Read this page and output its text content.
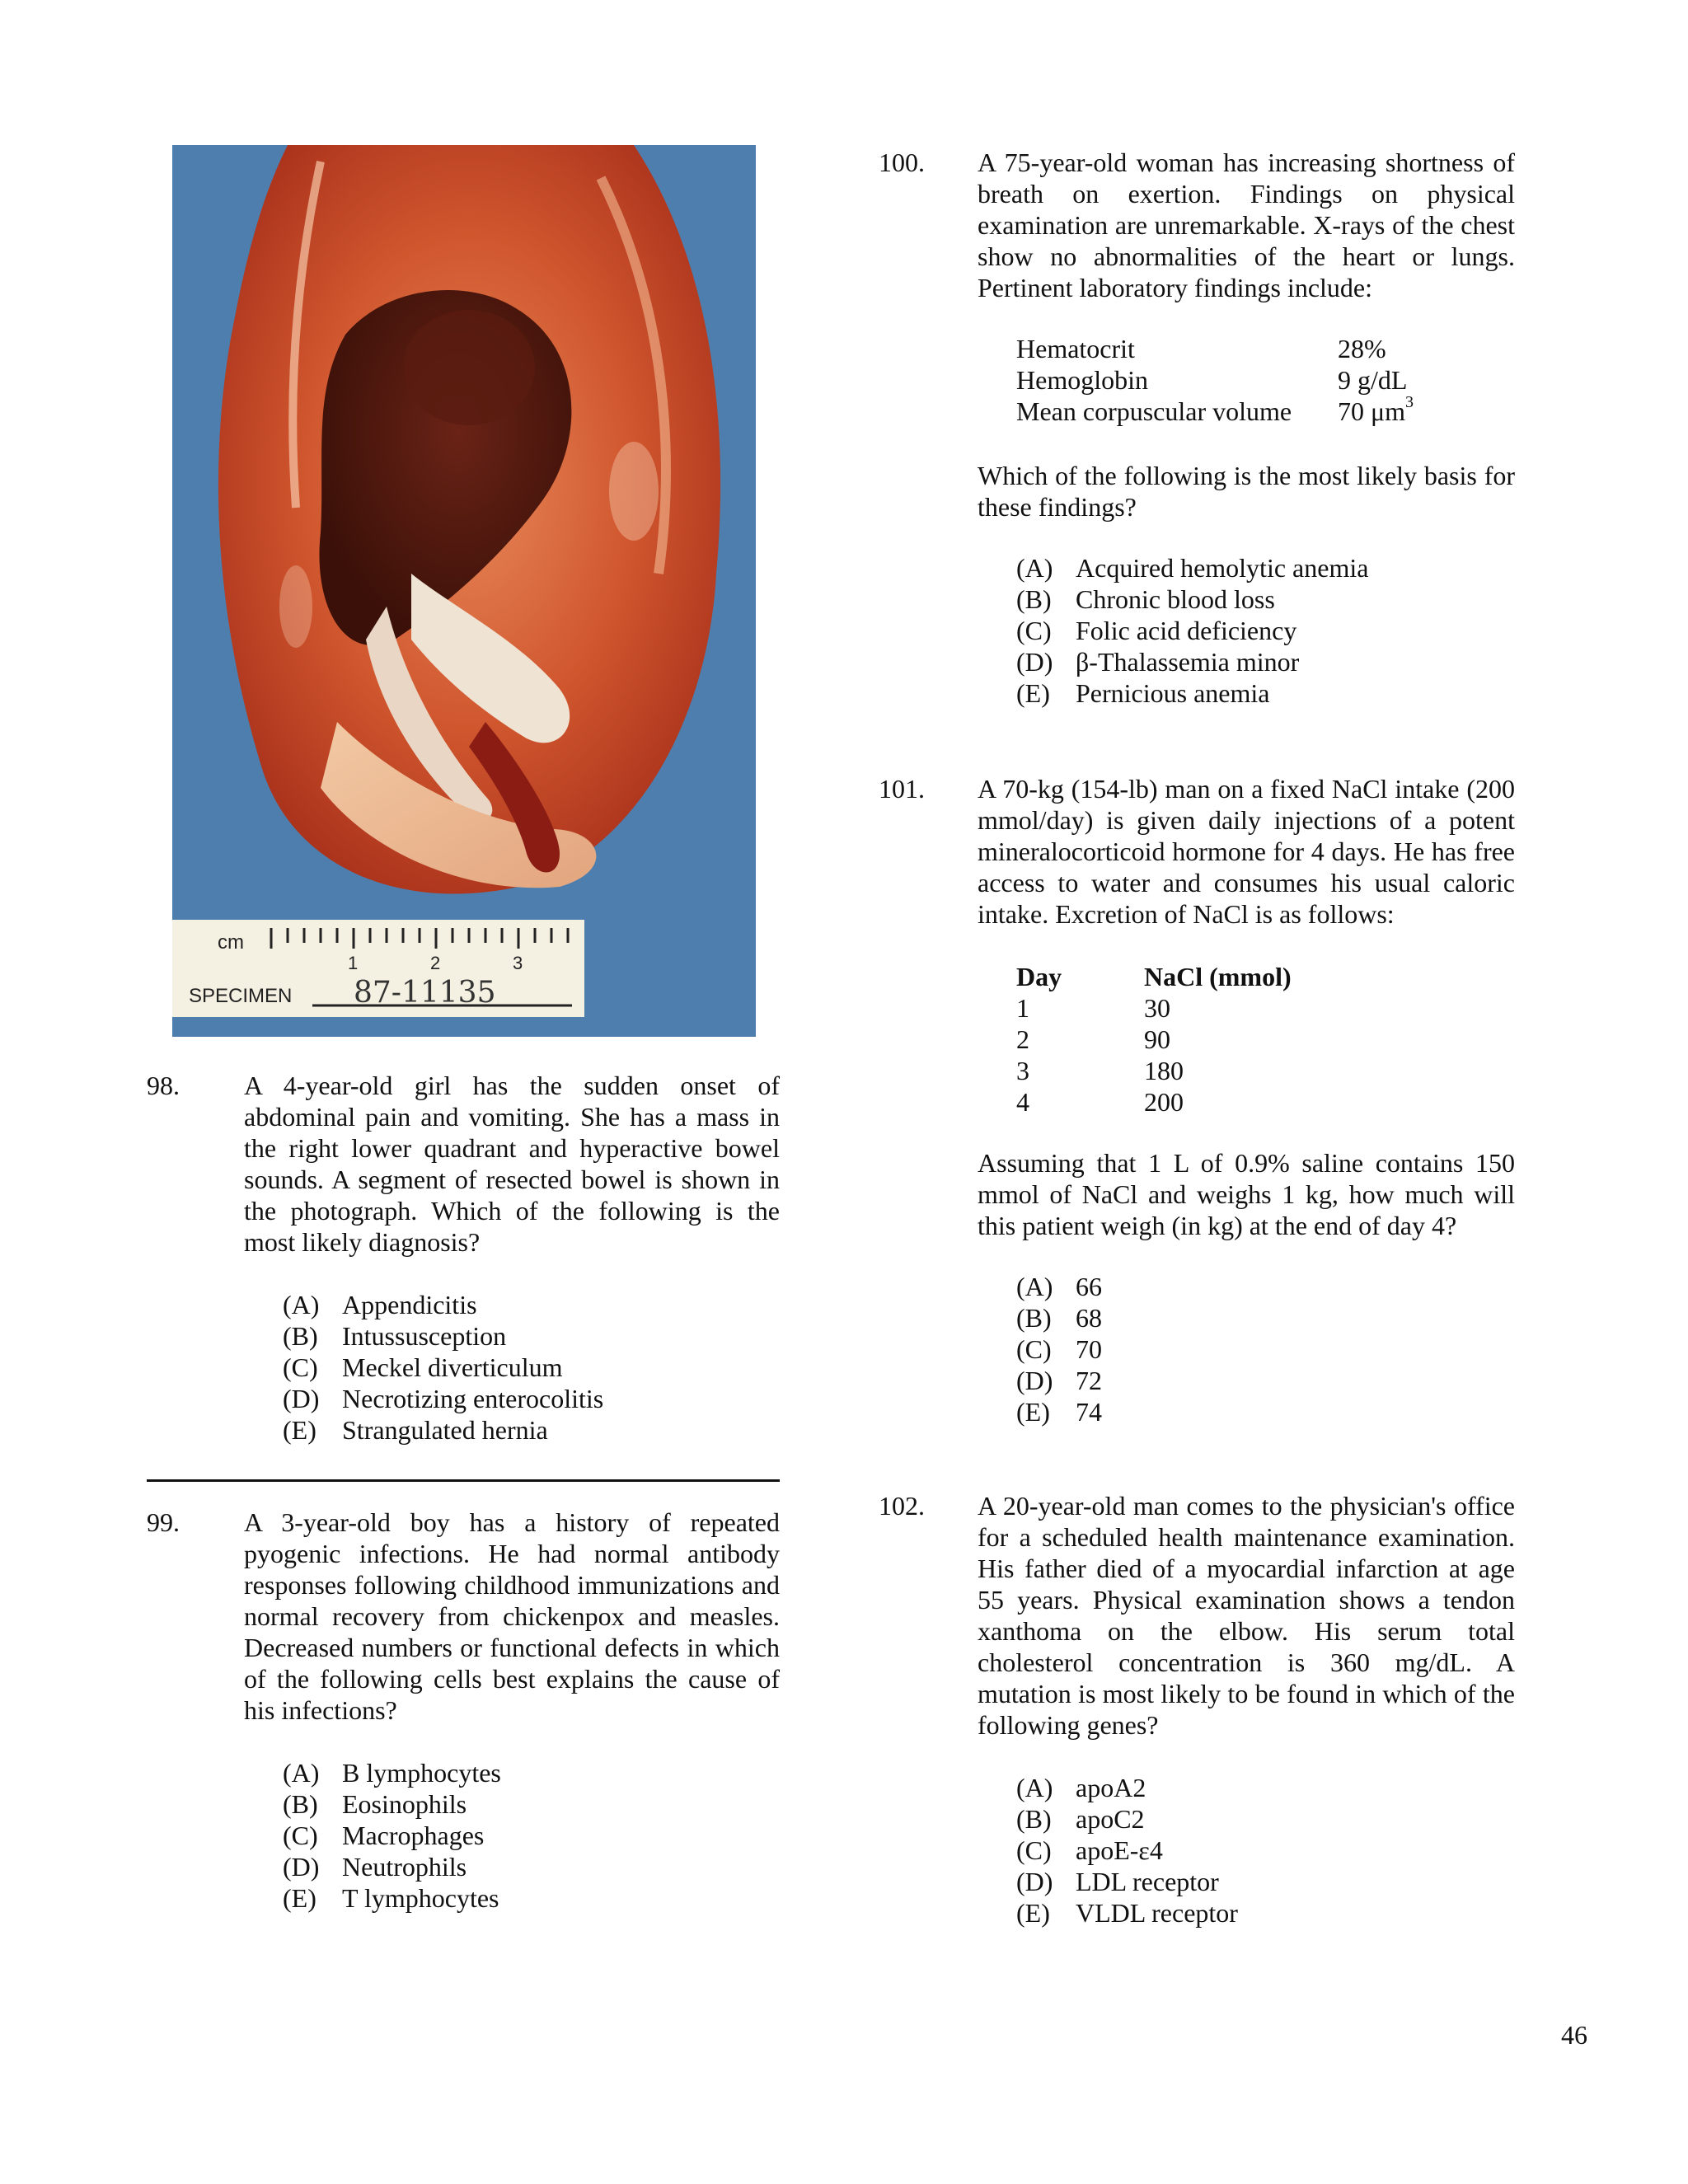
cm
1	2	3
SPECIMEN 87-11135
98.	A 4-year-old girl has the sudden onset of abdominal pain and vomiting. She has a mass in the right lower quadrant and hyperactive bowel sounds. A segment of resected bowel is shown in the photograph. Which of the following is the most likely diagnosis?
(A) Appendicitis
(B) Intussusception
(C) Meckel diverticulum
(D) Necrotizing enterocolitis
(E) Strangulated hernia
99.	A 3-year-old boy has a history of repeated pyogenic infections. He had normal antibody responses following childhood immunizations and normal recovery from chickenpox and measles. Decreased numbers or functional defects in which of the following cells best explains the cause of his infections?
(A) B lymphocytes
(B) Eosinophils
(C) Macrophages
(D) Neutrophils
(E) T lymphocytes
100.	A 75-year-old woman has increasing shortness of breath on exertion. Findings on physical examination are unremarkable. X-rays of the chest show no abnormalities of the heart or lungs. Pertinent laboratory findings include:
Hematocrit	28%
Hemoglobin	9 g/dL
Mean corpuscular volume	70 $\mu m^3$
Which of the following is the most likely basis for these findings?
(A) Acquired hemolytic anemia
(B) Chronic blood loss
(C) Folic acid deficiency
(D) β-Thalassemia minor
(E) Pernicious anemia
101.	A 70-kg (154-lb) man on a fixed NaCl intake (200 mmol/day) is given daily injections of a potent mineralocorticoid hormone for 4 days. He has free access to water and consumes his usual caloric intake. Excretion of NaCl is as follows:
Day	NaCl (mmol)
1	30
2	90
3	180
4	200
Assuming that 1 L of 0.9% saline contains 150 mmol of NaCl and weighs 1 kg, how much will this patient weigh (in kg) at the end of day 4?
(A) 66
(B) 68
(C) 70
(D) 72
(E) 74
102.	A 20-year-old man comes to the physician's office for a scheduled health maintenance examination. His father died of a myocardial infarction at age 55 years. Physical examination shows a tendon xanthoma on the elbow. His serum total cholesterol concentration is 360 mg/dL. A mutation is most likely to be found in which of the following genes?
(A) apoA2
(B) apoC2
(C) apoE-ε4
(D) LDL receptor
(E) VLDL receptor
46
